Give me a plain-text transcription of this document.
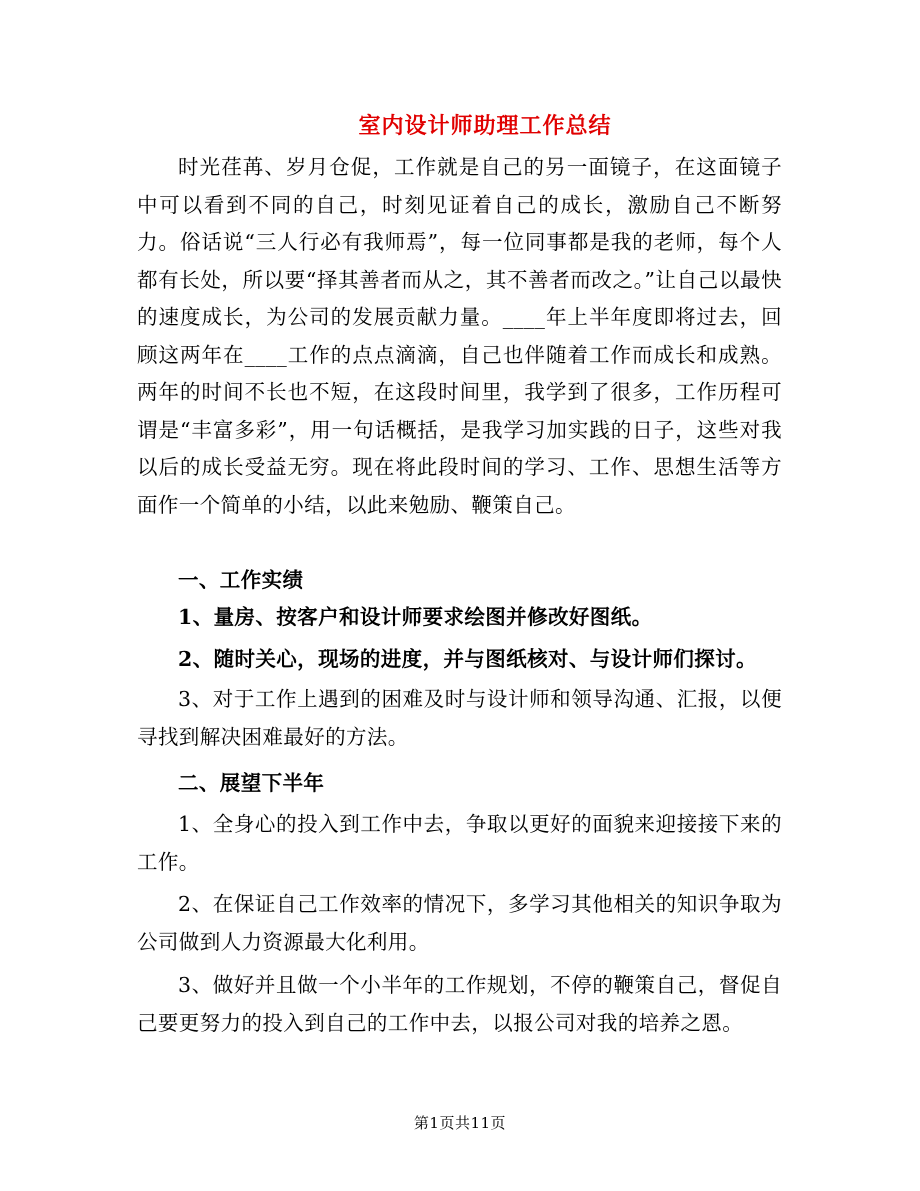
室内设计师助理工作总结

时光荏苒、岁月仓促，工作就是自己的另一面镜子，在这面镜子中可以看到不同的自己，时刻见证着自己的成长，激励自己不断努力。俗话说“三人行必有我师焉”，每一位同事都是我的老师，每个人都有长处，所以要“择其善者而从之，其不善者而改之。”让自己以最快的速度成长，为公司的发展贡献力量。____年上半年度即将过去，回顾这两年在____工作的点点滴滴，自己也伴随着工作而成长和成熟。两年的时间不长也不短，在这段时间里，我学到了很多，工作历程可谓是“丰富多彩”，用一句话概括，是我学习加实践的日子，这些对我以后的成长受益无穷。现在将此段时间的学习、工作、思想生活等方面作一个简单的小结，以此来勉励、鞭策自己。

一、工作实绩

1、量房、按客户和设计师要求绘图并修改好图纸。

2、随时关心，现场的进度，并与图纸核对、与设计师们探讨。

3、对于工作上遇到的困难及时与设计师和领导沟通、汇报，以便寻找到解决困难最好的方法。

二、展望下半年

1、全身心的投入到工作中去，争取以更好的面貌来迎接接下来的工作。

2、在保证自己工作效率的情况下，多学习其他相关的知识争取为公司做到人力资源最大化利用。

3、做好并且做一个小半年的工作规划，不停的鞭策自己，督促自己要更努力的投入到自己的工作中去，以报公司对我的培养之恩。

第1页共11页
